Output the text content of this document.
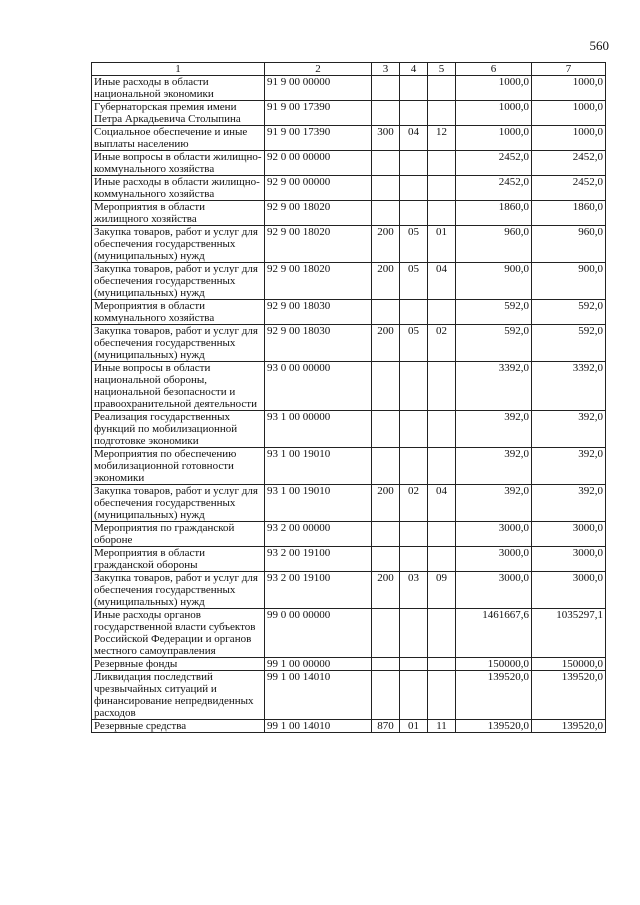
560
1	2	3	4	5	6	7
Иные расходы в области национальной экономики	91 9 00 00000				1000,0	1000,0
Губернаторская премия имени Петра Аркадьевича Столыпина	91 9 00 17390				1000,0	1000,0
Социальное обеспечение и иные выплаты населению	91 9 00 17390	300	04	12	1000,0	1000,0
Иные вопросы в области жилищно-коммунального хозяйства	92 0 00 00000				2452,0	2452,0
Иные расходы в области жилищно-коммунального хозяйства	92 9 00 00000				2452,0	2452,0
Мероприятия в области жилищного хозяйства	92 9 00 18020				1860,0	1860,0
Закупка товаров, работ и услуг для обеспечения государственных (муниципальных) нужд	92 9 00 18020	200	05	01	960,0	960,0
Закупка товаров, работ и услуг для обеспечения государственных (муниципальных) нужд	92 9 00 18020	200	05	04	900,0	900,0
Мероприятия в области коммунального хозяйства	92 9 00 18030				592,0	592,0
Закупка товаров, работ и услуг для обеспечения государственных (муниципальных) нужд	92 9 00 18030	200	05	02	592,0	592,0
Иные вопросы в области национальной обороны, национальной безопасности и правоохранительной деятельности	93 0 00 00000				3392,0	3392,0
Реализация государственных функций по мобилизационной подготовке экономики	93 1 00 00000				392,0	392,0
Мероприятия по обеспечению мобилизационной готовности экономики	93 1 00 19010				392,0	392,0
Закупка товаров, работ и услуг для обеспечения государственных (муниципальных) нужд	93 1 00 19010	200	02	04	392,0	392,0
Мероприятия по гражданской обороне	93 2 00 00000				3000,0	3000,0
Мероприятия в области гражданской обороны	93 2 00 19100				3000,0	3000,0
Закупка товаров, работ и услуг для обеспечения государственных (муниципальных) нужд	93 2 00 19100	200	03	09	3000,0	3000,0
Иные расходы органов государственной власти субъектов Российской Федерации и органов местного самоуправления	99 0 00 00000				1461667,6	1035297,1
Резервные фонды	99 1 00 00000				150000,0	150000,0
Ликвидация последствий чрезвычайных ситуаций и финансирование непредвиденных расходов	99 1 00 14010				139520,0	139520,0
Резервные средства	99 1 00 14010	870	01	11	139520,0	139520,0
